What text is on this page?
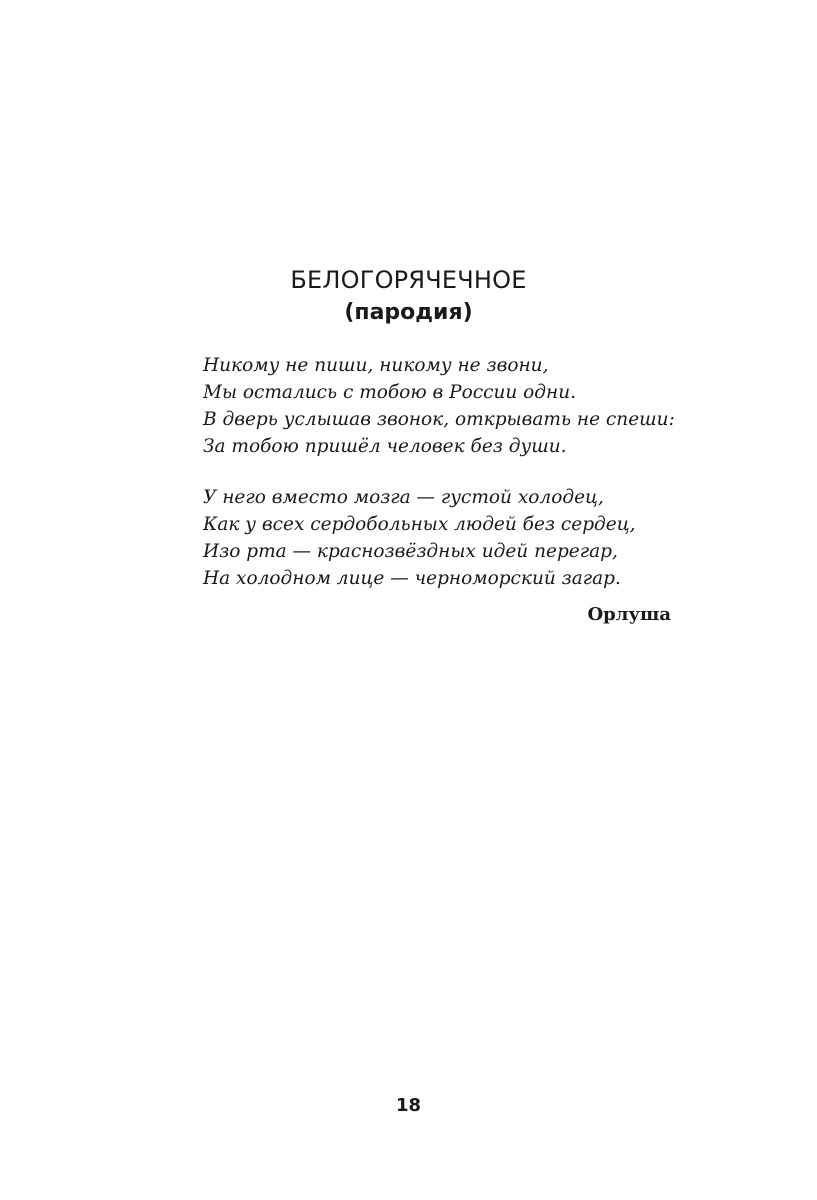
БЕЛОГОРЯЧЕЧНОЕ
(пародия)
Никому не пиши, никому не звони,
Мы остались с тобою в России одни.
В дверь услышав звонок, открывать не спеши:
За тобою пришёл человек без души.
У него вместо мозга — густой холодец,
Как у всех сердобольных людей без сердец,
Изо рта — краснозвёздных идей перегар,
На холодном лице — черноморский загар.
Орлуша
18
